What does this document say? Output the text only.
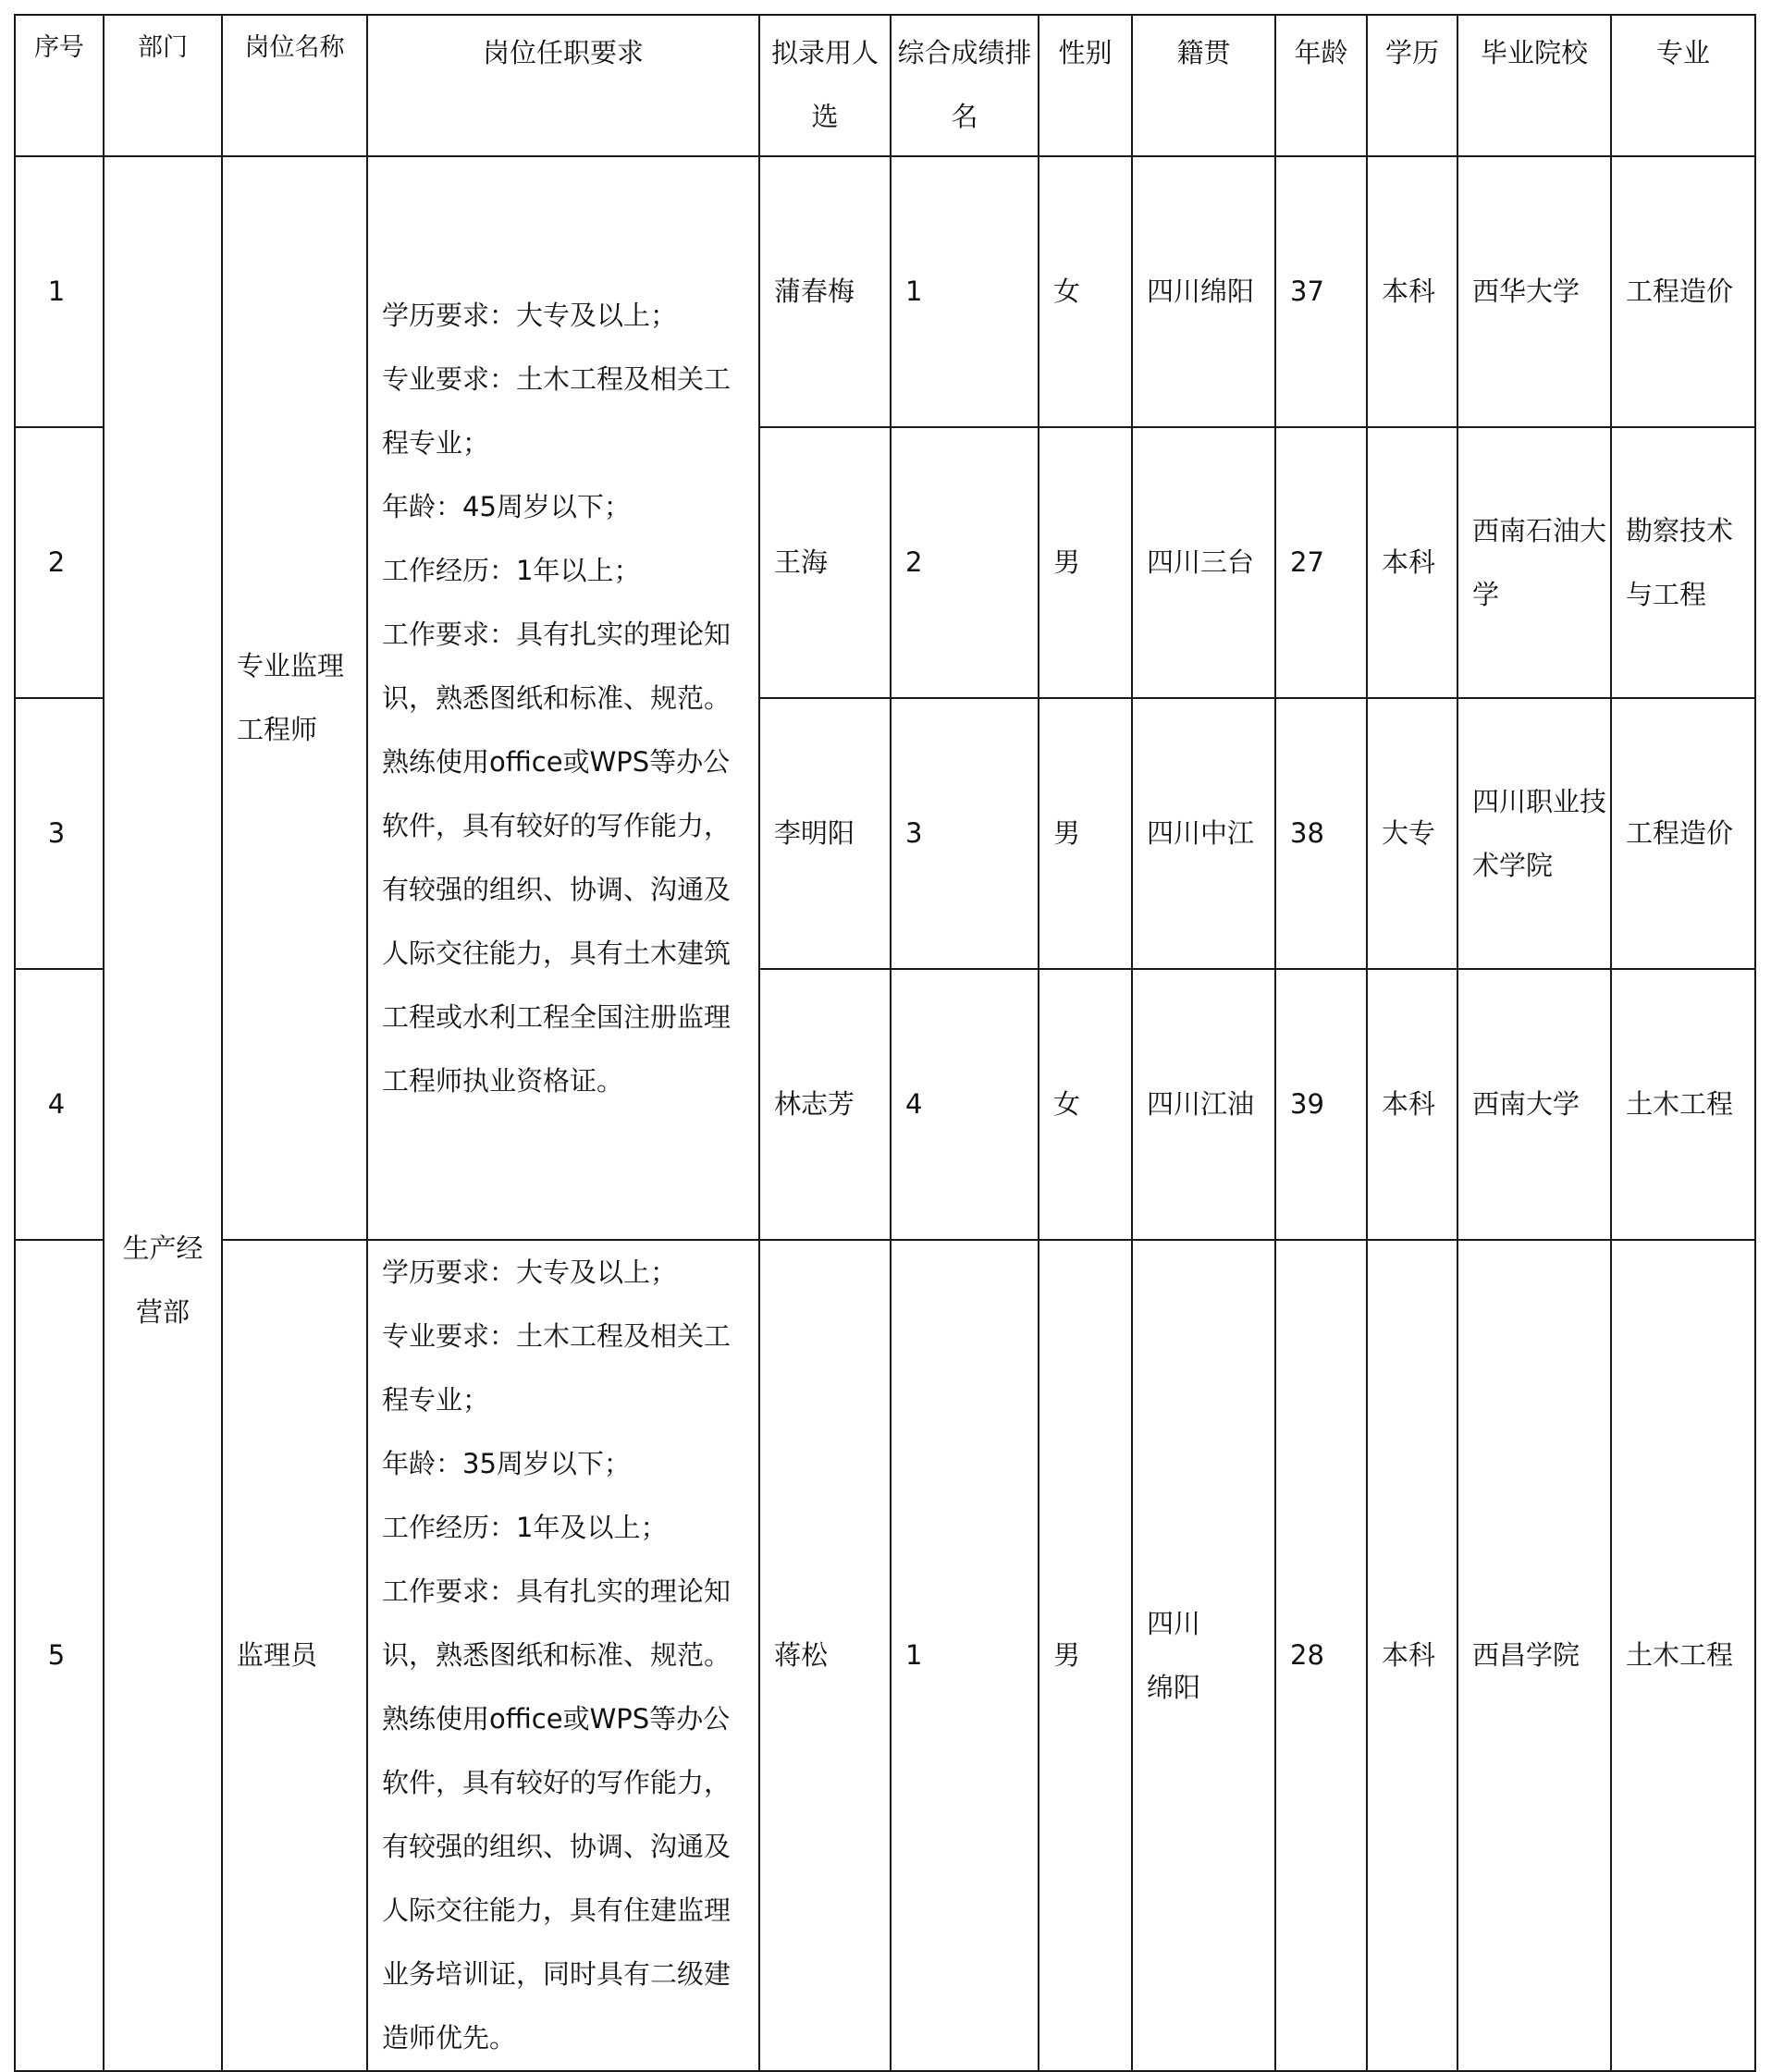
序号	部门	岗位名称	岗位任职要求	拟录用人选	综合成绩排名	性别	籍贯	年龄	学历	毕业院校	专业
1	生产经营部	专业监理工程师	学历要求：大专及以上；
专业要求：土木工程及相关工程专业；
年龄：45周岁以下；
工作经历：1年以上；
工作要求：具有扎实的理论知识，熟悉图纸和标准、规范。熟练使用office或WPS等办公软件，具有较好的写作能力，有较强的组织、协调、沟通及人际交往能力，具有土木建筑工程或水利工程全国注册监理工程师执业资格证。	蒲春梅	1	女	四川绵阳	37	本科	西华大学	工程造价
2				王海	2	男	四川三台	27	本科	西南石油大学	勘察技术与工程
3				李明阳	3	男	四川中江	38	大专	四川职业技术学院	工程造价
4				林志芳	4	女	四川江油	39	本科	西南大学	土木工程
5		监理员	学历要求：大专及以上；
专业要求：土木工程及相关工程专业；
年龄：35周岁以下；
工作经历：1年及以上；
工作要求：具有扎实的理论知识，熟悉图纸和标准、规范。熟练使用office或WPS等办公软件，具有较好的写作能力，有较强的组织、协调、沟通及人际交往能力，具有住建监理业务培训证，同时具有二级建造师优先。	蒋松	1	男	四川绵阳	28	本科	西昌学院	土木工程
